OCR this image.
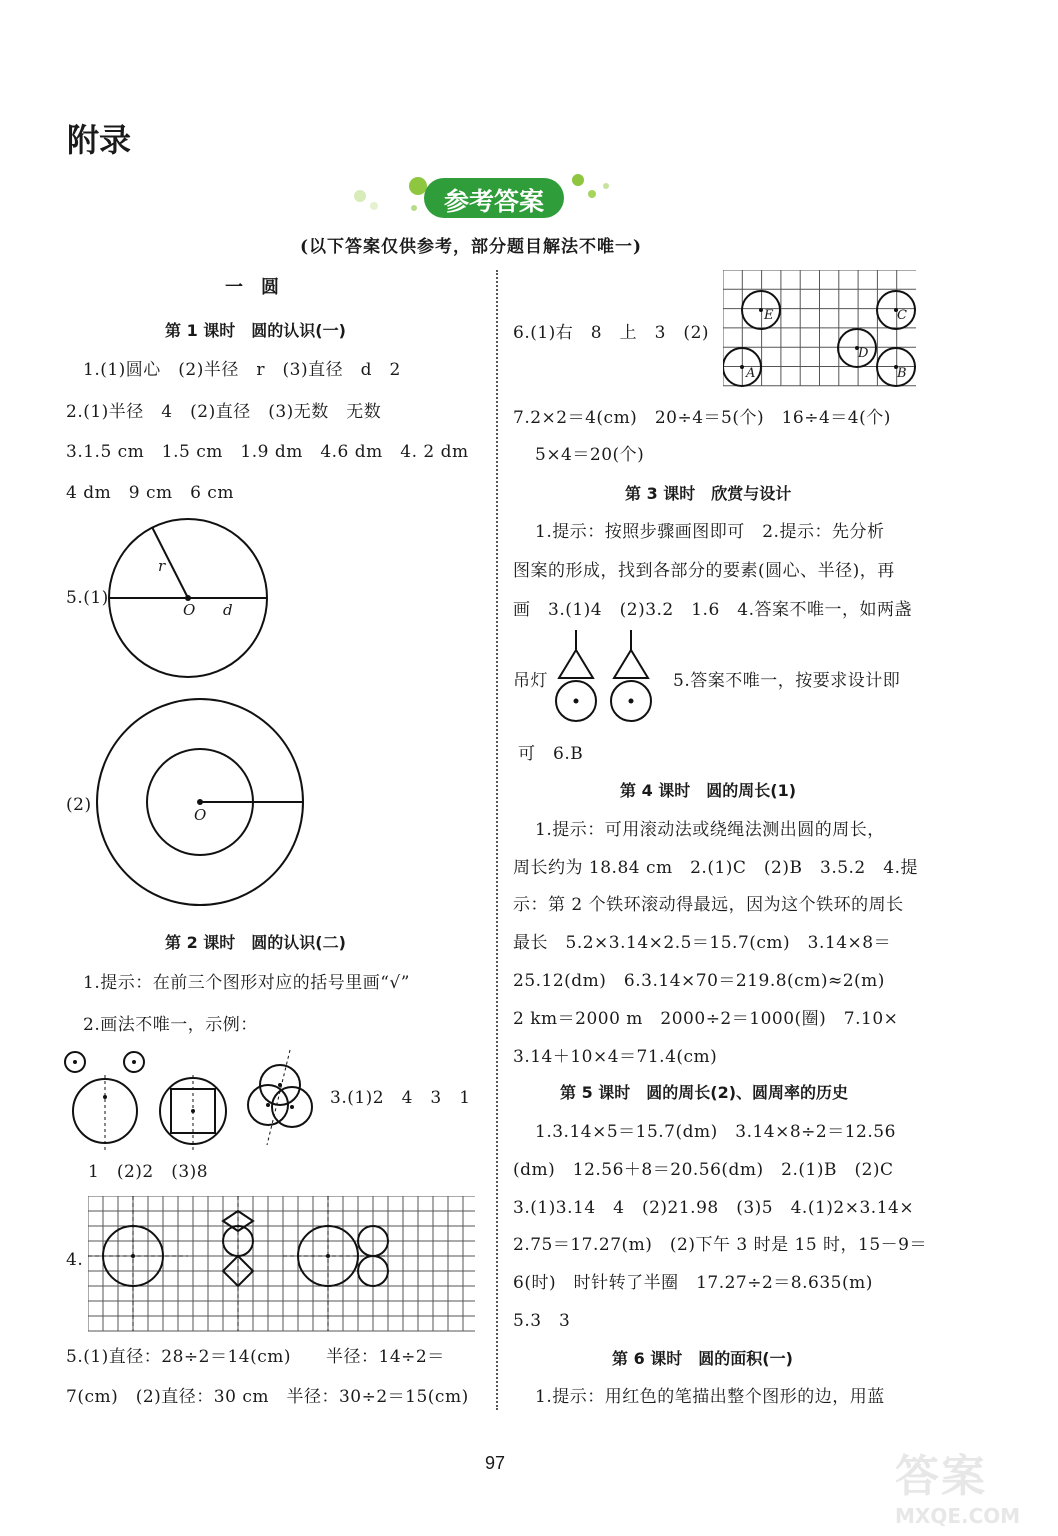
附录
参考答案
(以下答案仅供参考，部分题目解法不唯一)
一　圆
第 1 课时　圆的认识(一)
1.(1)圆心　(2)半径　r　(3)直径　d　2
2.(1)半径　4　(2)直径　(3)无数　无数
3.1.5 cm　1.5 cm　1.9 dm　4.6 dm　4. 2 dm
4 dm　9 cm　6 cm
5.(1)
r
O d
(2)	O
第 2 课时　圆的认识(二)
1.提示：在前三个图形对应的括号里画“√”
2.画法不唯一，示例：
3.(1)2　4　3　1
1　(2)2　(3)8
4.
5.(1)直径：28÷2＝14(cm)　　半径：14÷2＝
7(cm)　(2)直径：30 cm　半径：30÷2＝15(cm)
6.(1)右　8　上　3　(2)
E	C
D
A	B
7.2×2＝4(cm)　20÷4＝5(个)　16÷4＝4(个)
5×4＝20(个)
第 3 课时　欣赏与设计
1.提示：按照步骤画图即可　2.提示：先分析
图案的形成，找到各部分的要素(圆心、半径)，再
画　3.(1)4　(2)3.2　1.6　4.答案不唯一，如两盏
吊灯	5.答案不唯一，按要求设计即
可　6.B
第 4 课时　圆的周长(1)
1.提示：可用滚动法或绕绳法测出圆的周长，
周长约为 18.84 cm　2.(1)C　(2)B　3.5.2　4.提
示：第 2 个铁环滚动得最远，因为这个铁环的周长
最长　5.2×3.14×2.5＝15.7(cm)　3.14×8＝
25.12(dm)　6.3.14×70＝219.8(cm)≈2(m)
2 km＝2000 m　2000÷2＝1000(圈)　7.10×
3.14＋10×4＝71.4(cm)
第 5 课时　圆的周长(2)、圆周率的历史
1.3.14×5＝15.7(dm)　3.14×8÷2＝12.56
(dm)　12.56＋8＝20.56(dm)　2.(1)B　(2)C
3.(1)3.14　4　(2)21.98　(3)5　4.(1)2×3.14×
2.75＝17.27(m)　(2)下午 3 时是 15 时，15－9＝
6(时)　时针转了半圈　17.27÷2＝8.635(m)
5.3　3
第 6 课时　圆的面积(一)
1.提示：用红色的笔描出整个图形的边，用蓝
97	答案
MXQE.COM
